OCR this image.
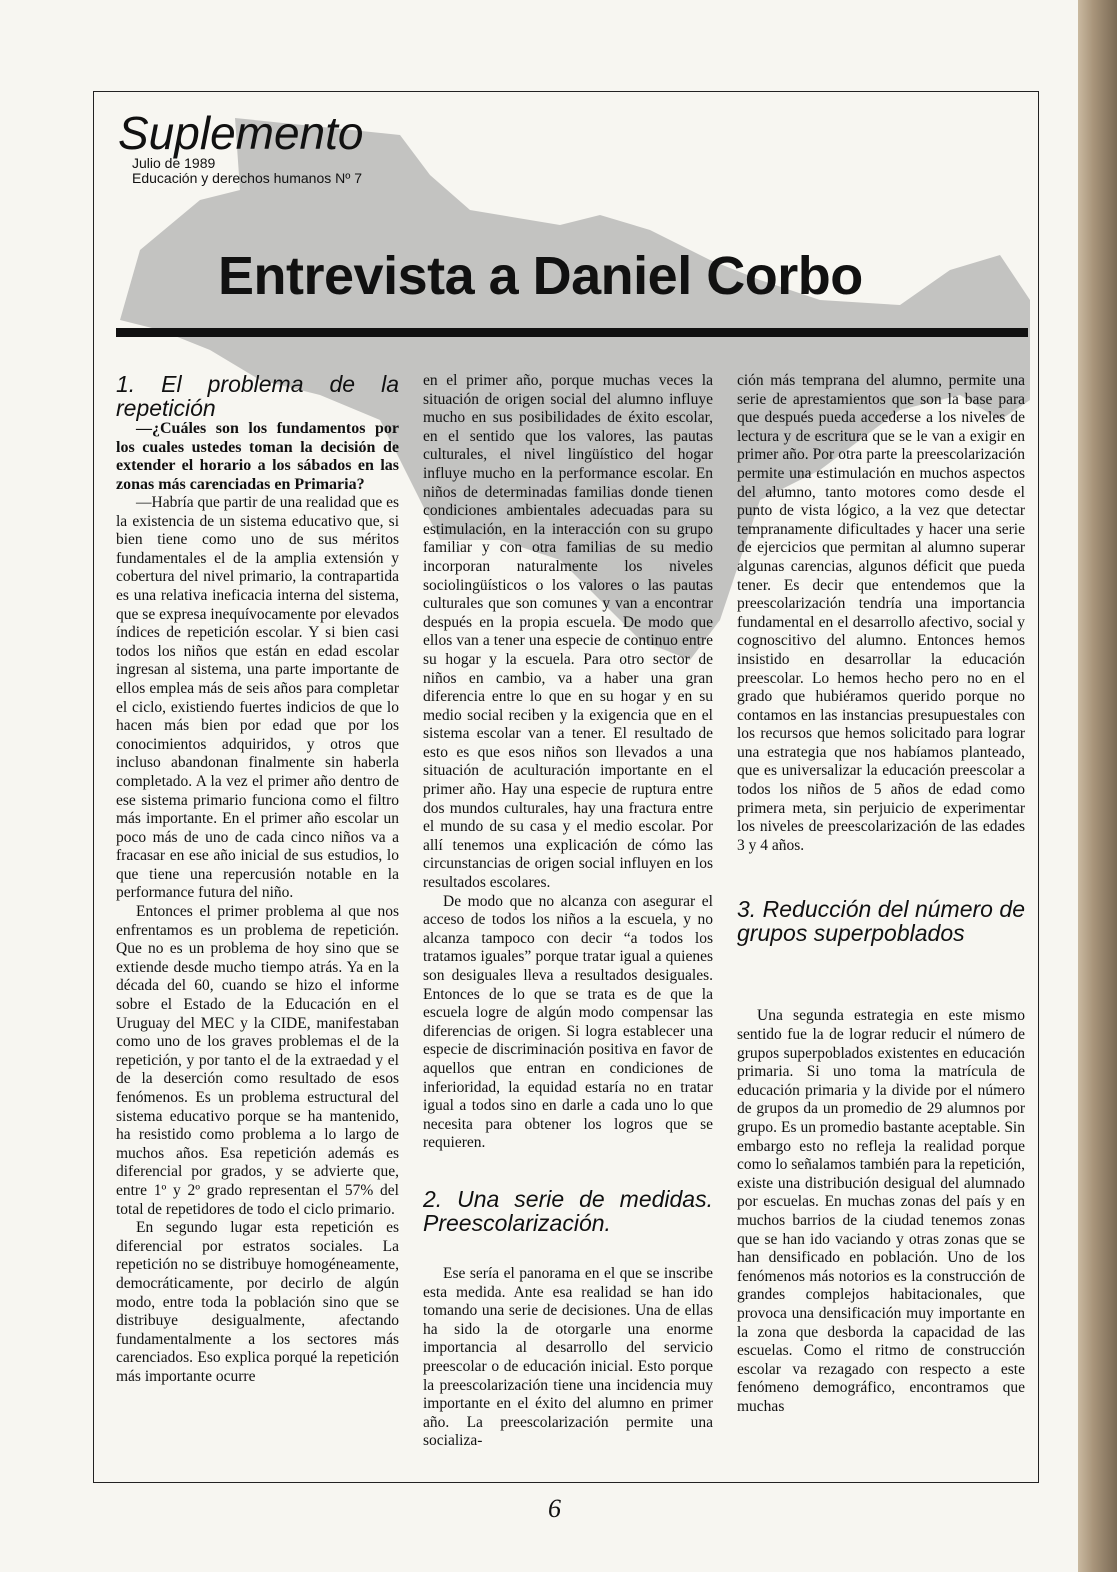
Suplemento
Julio de 1989
Educación y derechos humanos Nº 7
Entrevista a Daniel Corbo

1. El problema de la repetición

—¿Cuáles son los fundamentos por los cuales ustedes toman la decisión de extender el horario a los sábados en las zonas más carenciadas en Primaria?

—Habría que partir de una realidad que es la existencia de un sistema educativo que, si bien tiene como uno de sus méritos fundamentales el de la amplia extensión y cobertura del nivel primario, la contrapartida es una relativa ineficacia interna del sistema, que se expresa inequívocamente por elevados índices de repetición escolar. Y si bien casi todos los niños que están en edad escolar ingresan al sistema, una parte importante de ellos emplea más de seis años para completar el ciclo, existiendo fuertes indicios de que lo hacen más bien por edad que por los conocimientos adquiridos, y otros que incluso abandonan finalmente sin haberla completado. A la vez el primer año dentro de ese sistema primario funciona como el filtro más importante. En el primer año escolar un poco más de uno de cada cinco niños va a fracasar en ese año inicial de sus estudios, lo que tiene una repercusión notable en la performance futura del niño.

Entonces el primer problema al que nos enfrentamos es un problema de repetición. Que no es un problema de hoy sino que se extiende desde mucho tiempo atrás. Ya en la década del 60, cuando se hizo el informe sobre el Estado de la Educación en el Uruguay del MEC y la CIDE, manifestaban como uno de los graves problemas el de la repetición, y por tanto el de la extraedad y el de la deserción como resultado de esos fenómenos. Es un problema estructural del sistema educativo porque se ha mantenido, ha resistido como problema a lo largo de muchos años. Esa repetición además es diferencial por grados, y se advierte que, entre 1º y 2º grado representan el 57% del total de repetidores de todo el ciclo primario.

En segundo lugar esta repetición es diferencial por estratos sociales. La repetición no se distribuye homogéneamente, democráticamente, por decirlo de algún modo, entre toda la población sino que se distribuye desigualmente, afectando fundamentalmente a los sectores más carenciados. Eso explica porqué la repetición más importante ocurre

en el primer año, porque muchas veces la situación de origen social del alumno influye mucho en sus posibilidades de éxito escolar, en el sentido que los valores, las pautas culturales, el nivel lingüístico del hogar influye mucho en la performance escolar. En niños de determinadas familias donde tienen condiciones ambientales adecuadas para su estimulación, en la interacción con su grupo familiar y con otra familias de su medio incorporan naturalmente los niveles sociolingüísticos o los valores o las pautas culturales que son comunes y van a encontrar después en la propia escuela. De modo que ellos van a tener una especie de continuo entre su hogar y la escuela. Para otro sector de niños en cambio, va a haber una gran diferencia entre lo que en su hogar y en su medio social reciben y la exigencia que en el sistema escolar van a tener. El resultado de esto es que esos niños son llevados a una situación de aculturación importante en el primer año. Hay una especie de ruptura entre dos mundos culturales, hay una fractura entre el mundo de su casa y el medio escolar. Por allí tenemos una explicación de cómo las circunstancias de origen social influyen en los resultados escolares.

De modo que no alcanza con asegurar el acceso de todos los niños a la escuela, y no alcanza tampoco con decir “a todos los tratamos iguales” porque tratar igual a quienes son desiguales lleva a resultados desiguales. Entonces de lo que se trata es de que la escuela logre de algún modo compensar las diferencias de origen. Si logra establecer una especie de discriminación positiva en favor de aquellos que entran en condiciones de inferioridad, la equidad estaría no en tratar igual a todos sino en darle a cada uno lo que necesita para obtener los logros que se requieren.

2. Una serie de medidas. Preescolarización.

Ese sería el panorama en el que se inscribe esta medida. Ante esa realidad se han ido tomando una serie de decisiones. Una de ellas ha sido la de otorgarle una enorme importancia al desarrollo del servicio preescolar o de educación inicial. Esto porque la preescolarización tiene una incidencia muy importante en el éxito del alumno en primer año. La preescolarización permite una socializa-

ción más temprana del alumno, permite una serie de aprestamientos que son la base para que después pueda accederse a los niveles de lectura y de escritura que se le van a exigir en primer año. Por otra parte la preescolarización permite una estimulación en muchos aspectos del alumno, tanto motores como desde el punto de vista lógico, a la vez que detectar tempranamente dificultades y hacer una serie de ejercicios que permitan al alumno superar algunas carencias, algunos déficit que pueda tener. Es decir que entendemos que la preescolarización tendría una importancia fundamental en el desarrollo afectivo, social y cognoscitivo del alumno. Entonces hemos insistido en desarrollar la educación preescolar. Lo hemos hecho pero no en el grado que hubiéramos querido porque no contamos en las instancias presupuestales con los recursos que hemos solicitado para lograr una estrategia que nos habíamos planteado, que es universalizar la educación preescolar a todos los niños de 5 años de edad como primera meta, sin perjuicio de experimentar los niveles de preescolarización de las edades 3 y 4 años.

3. Reducción del número de grupos superpoblados

Una segunda estrategia en este mismo sentido fue la de lograr reducir el número de grupos superpoblados existentes en educación primaria. Si uno toma la matrícula de educación primaria y la divide por el número de grupos da un promedio de 29 alumnos por grupo. Es un promedio bastante aceptable. Sin embargo esto no refleja la realidad porque como lo señalamos también para la repetición, existe una distribución desigual del alumnado por escuelas. En muchas zonas del país y en muchos barrios de la ciudad tenemos zonas que se han ido vaciando y otras zonas que se han densificado en población. Uno de los fenómenos más notorios es la construcción de grandes complejos habitacionales, que provoca una densificación muy importante en la zona que desborda la capacidad de las escuelas. Como el ritmo de construcción escolar va rezagado con respecto a este fenómeno demográfico, encontramos que muchas

6
